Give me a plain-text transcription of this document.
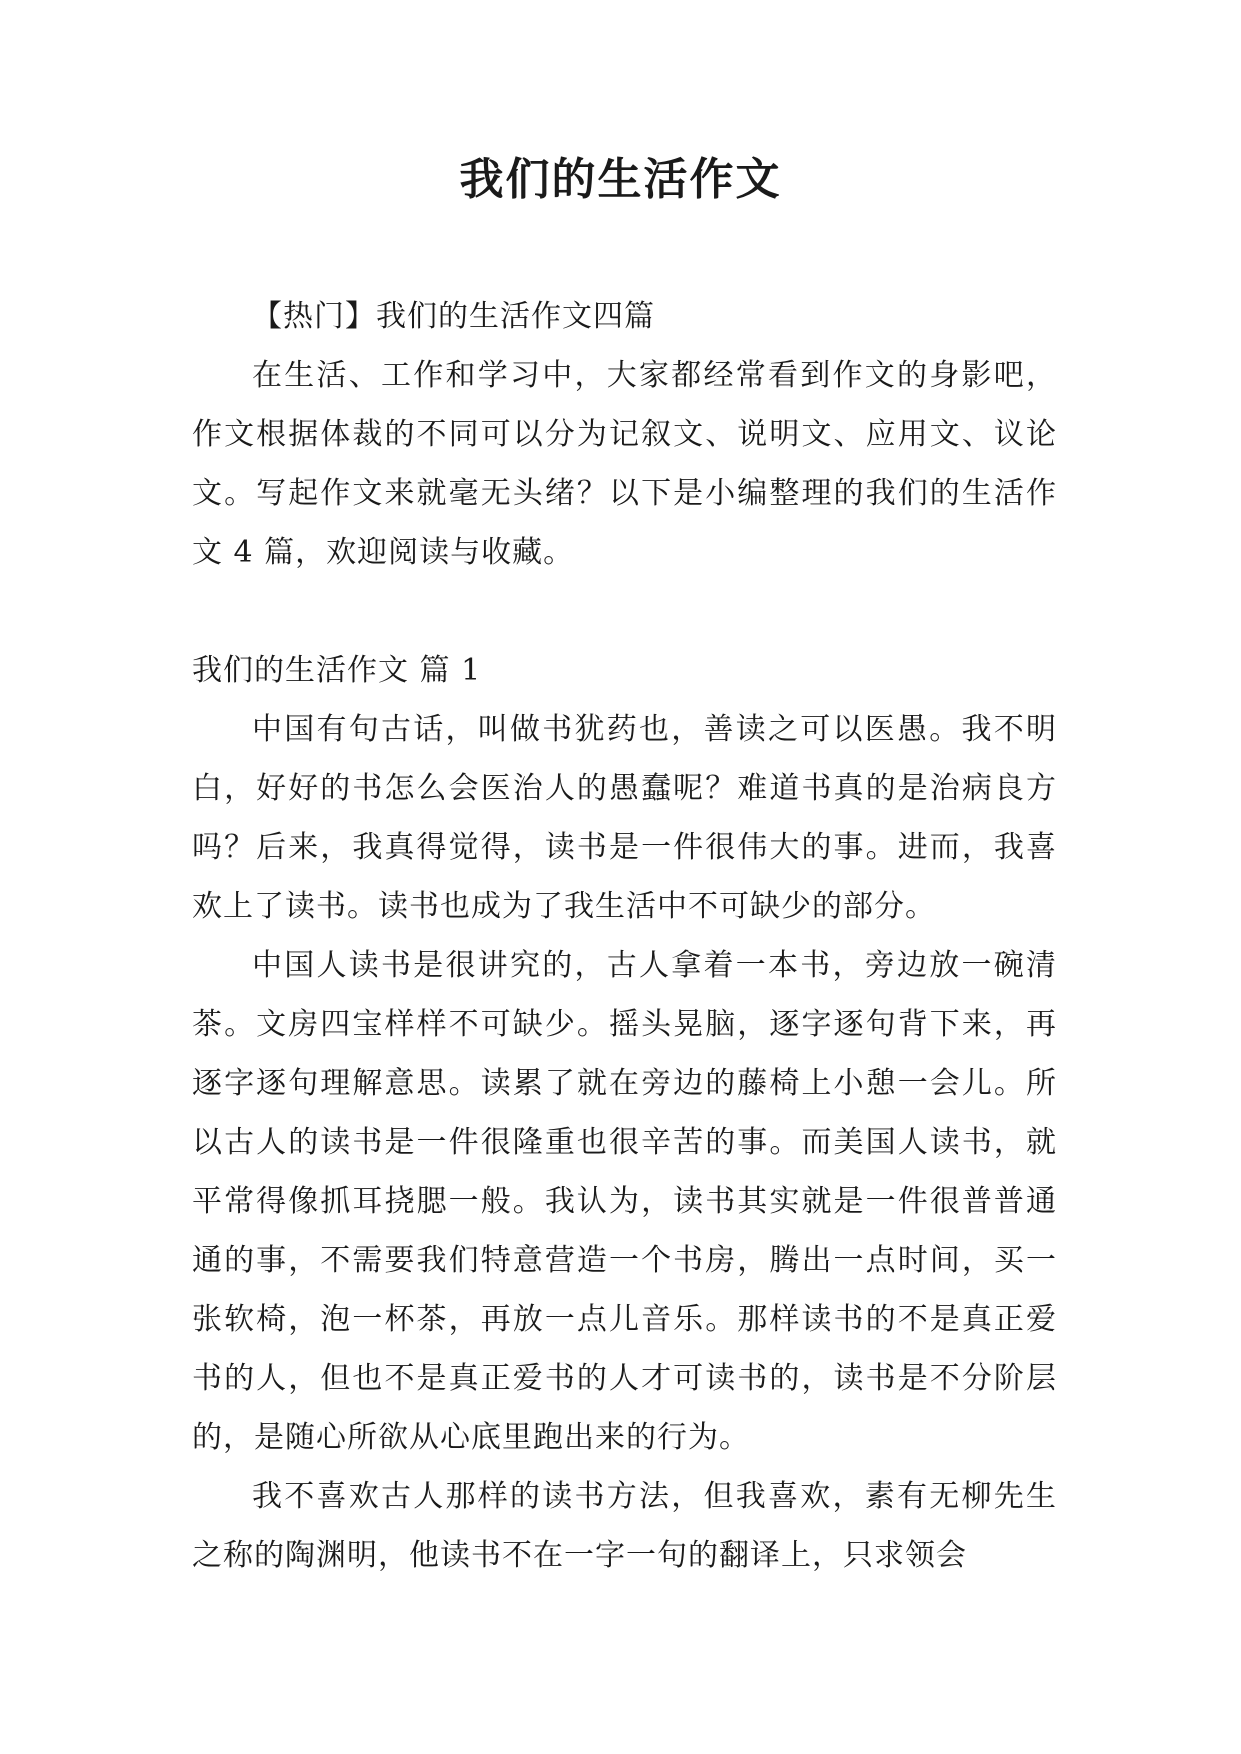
我们的生活作文

【热门】我们的生活作文四篇

在生活、工作和学习中，大家都经常看到作文的身影吧，作文根据体裁的不同可以分为记叙文、说明文、应用文、议论文。写起作文来就毫无头绪？以下是小编整理的我们的生活作文 4 篇，欢迎阅读与收藏。

我们的生活作文 篇 1

中国有句古话，叫做书犹药也，善读之可以医愚。我不明白，好好的书怎么会医治人的愚蠢呢？难道书真的是治病良方吗？后来，我真得觉得，读书是一件很伟大的事。进而，我喜欢上了读书。读书也成为了我生活中不可缺少的部分。

中国人读书是很讲究的，古人拿着一本书，旁边放一碗清茶。文房四宝样样不可缺少。摇头晃脑，逐字逐句背下来，再逐字逐句理解意思。读累了就在旁边的藤椅上小憩一会儿。所以古人的读书是一件很隆重也很辛苦的事。而美国人读书，就平常得像抓耳挠腮一般。我认为，读书其实就是一件很普普通通的事，不需要我们特意营造一个书房，腾出一点时间，买一张软椅，泡一杯茶，再放一点儿音乐。那样读书的不是真正爱书的人，但也不是真正爱书的人才可读书的，读书是不分阶层的，是随心所欲从心底里跑出来的行为。

我不喜欢古人那样的读书方法，但我喜欢，素有无柳先生之称的陶渊明，他读书不在一字一句的翻译上，只求领会
